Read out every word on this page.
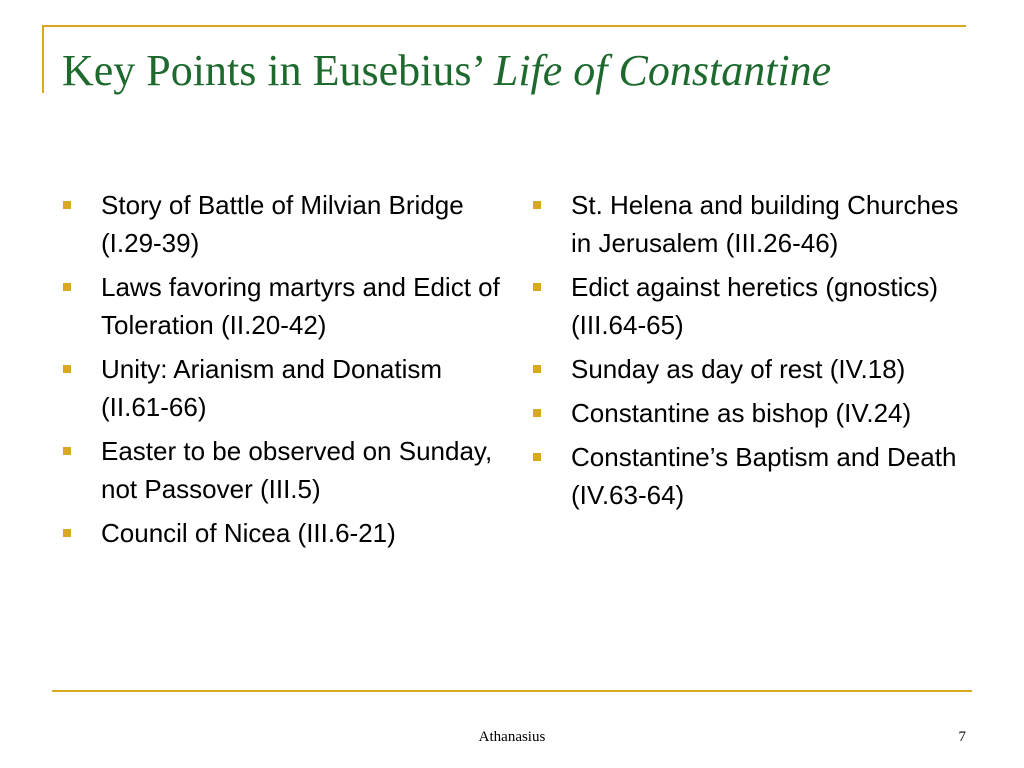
Key Points in Eusebius’ Life of Constantine
Story of Battle of Milvian Bridge (I.29-39)
Laws favoring martyrs and Edict of Toleration (II.20-42)
Unity: Arianism and Donatism (II.61-66)
Easter to be observed on Sunday, not Passover (III.5)
Council of Nicea (III.6-21)
St. Helena and building Churches in Jerusalem (III.26-46)
Edict against heretics (gnostics) (III.64-65)
Sunday as day of rest (IV.18)
Constantine as bishop (IV.24)
Constantine’s Baptism and Death (IV.63-64)
Athanasius	7
